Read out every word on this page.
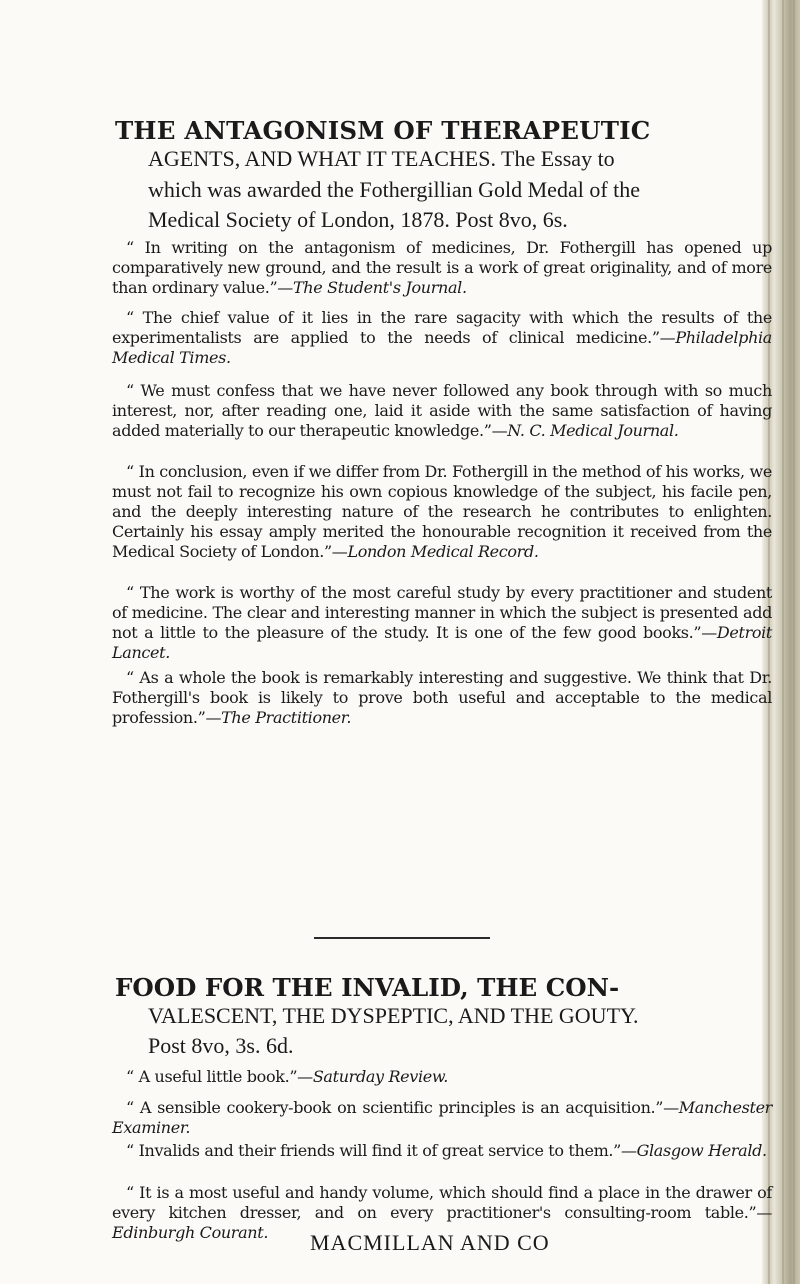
THE ANTAGONISM OF THERAPEUTIC
AGENTS, AND WHAT IT TEACHES. The Essay to
which was awarded the Fothergillian Gold Medal of the
Medical Society of London, 1878. Post 8vo, 6s.

“ In writing on the antagonism of medicines, Dr. Fothergill has opened up comparatively new ground, and the result is a work of great originality, and of more than ordinary value.”—The Student's Journal.

“ The chief value of it lies in the rare sagacity with which the results of the experimentalists are applied to the needs of clinical medicine.”—Philadelphia Medical Times.

“ We must confess that we have never followed any book through with so much interest, nor, after reading one, laid it aside with the same satisfaction of having added materially to our therapeutic knowledge.”—N. C. Medical Journal.

“ In conclusion, even if we differ from Dr. Fothergill in the method of his works, we must not fail to recognize his own copious knowledge of the subject, his facile pen, and the deeply interesting nature of the research he contributes to enlighten. Certainly his essay amply merited the honourable recognition it received from the Medical Society of London.”—London Medical Record.

“ The work is worthy of the most careful study by every practitioner and student of medicine. The clear and interesting manner in which the subject is presented add not a little to the pleasure of the study. It is one of the few good books.”—Detroit Lancet.

“ As a whole the book is remarkably interesting and suggestive. We think that Dr. Fothergill's book is likely to prove both useful and acceptable to the medical profession.”—The Practitioner.

FOOD FOR THE INVALID, THE CON-
VALESCENT, THE DYSPEPTIC, AND THE GOUTY.
Post 8vo, 3s. 6d.

“ A useful little book.”—Saturday Review.

“ A sensible cookery-book on scientific principles is an acquisition.”—Manchester Examiner.

“ Invalids and their friends will find it of great service to them.”—Glasgow Herald.

“ It is a most useful and handy volume, which should find a place in the drawer of every kitchen dresser, and on every practitioner's consulting-room table.”—Edinburgh Courant.	MACMILLAN AND CO
